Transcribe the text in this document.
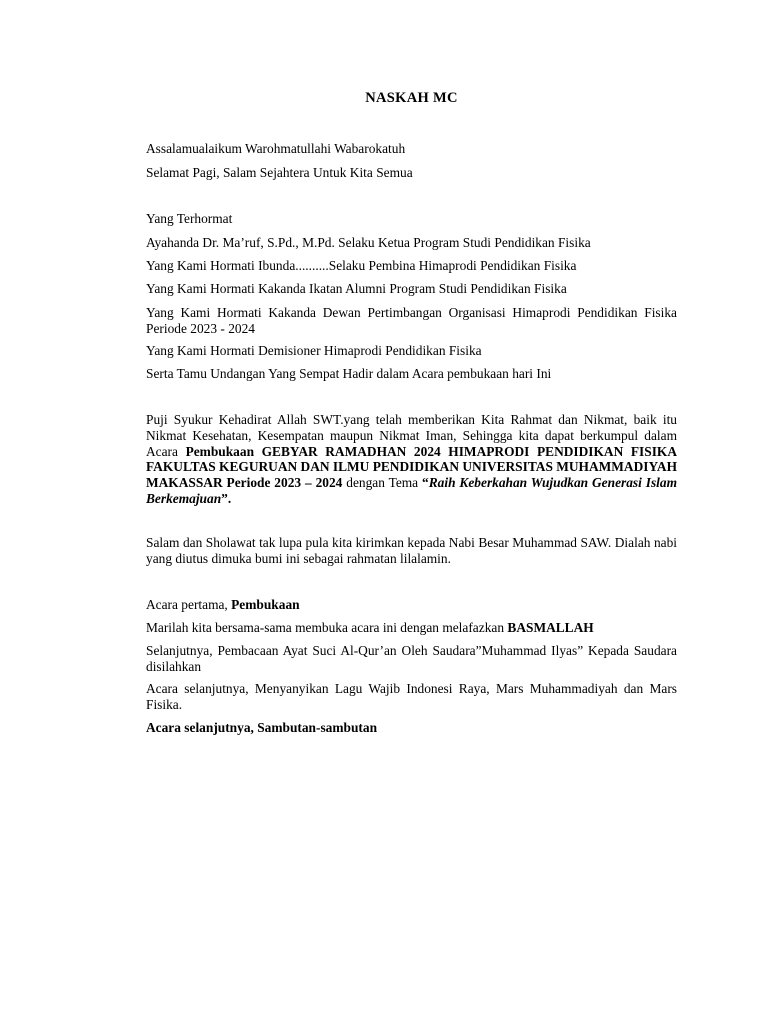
NASKAH MC
Assalamualaikum Warohmatullahi Wabarokatuh
Selamat Pagi, Salam Sejahtera Untuk Kita Semua
Yang Terhormat
Ayahanda Dr. Ma’ruf, S.Pd., M.Pd. Selaku Ketua Program Studi Pendidikan Fisika
Yang Kami Hormati Ibunda..........Selaku Pembina Himaprodi Pendidikan Fisika
Yang Kami Hormati Kakanda Ikatan Alumni Program Studi Pendidikan Fisika
Yang Kami Hormati Kakanda Dewan Pertimbangan Organisasi Himaprodi Pendidikan Fisika Periode 2023 - 2024
Yang Kami Hormati Demisioner Himaprodi Pendidikan Fisika
Serta Tamu Undangan Yang Sempat Hadir dalam Acara pembukaan hari Ini
Puji Syukur Kehadirat Allah SWT.yang telah memberikan Kita Rahmat dan Nikmat, baik itu Nikmat Kesehatan, Kesempatan maupun Nikmat Iman, Sehingga kita dapat berkumpul dalam Acara Pembukaan GEBYAR RAMADHAN 2024 HIMAPRODI PENDIDIKAN FISIKA FAKULTAS KEGURUAN DAN ILMU PENDIDIKAN UNIVERSITAS MUHAMMADIYAH MAKASSAR Periode 2023 – 2024 dengan Tema “Raih Keberkahan Wujudkan Generasi Islam Berkemajuan”.
Salam dan Sholawat tak lupa pula kita kirimkan kepada Nabi Besar Muhammad SAW. Dialah nabi yang diutus dimuka bumi ini sebagai rahmatan lilalamin.
Acara pertama, Pembukaan
Marilah kita bersama-sama membuka acara ini dengan melafazkan BASMALLAH
Selanjutnya, Pembacaan Ayat Suci Al-Qur’an Oleh Saudara”Muhammad Ilyas” Kepada Saudara disilahkan
Acara selanjutnya, Menyanyikan Lagu Wajib Indonesi Raya, Mars Muhammadiyah dan Mars Fisika.
Acara selanjutnya, Sambutan-sambutan
